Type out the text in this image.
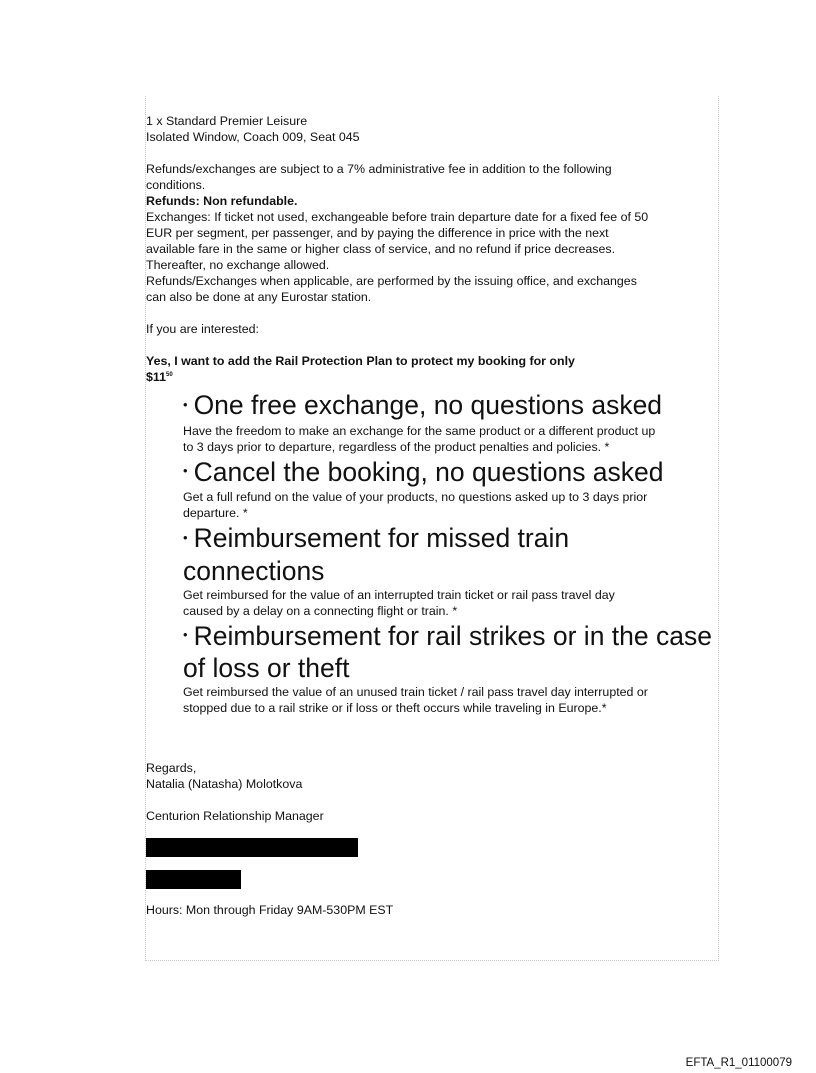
1 x Standard Premier Leisure
Isolated Window, Coach 009, Seat 045
Refunds/exchanges are subject to a 7% administrative fee in addition to the following
conditions.
Refunds: Non refundable.
Exchanges: If ticket not used, exchangeable before train departure date for a fixed fee of 50
EUR per segment, per passenger, and by paying the difference in price with the next
available fare in the same or higher class of service, and no refund if price decreases.
Thereafter, no exchange allowed.
Refunds/Exchanges when applicable, are performed by the issuing office, and exchanges
can also be done at any Eurostar station.
If you are interested:
Yes, I want to add the Rail Protection Plan to protect my booking for only
$\$11^{50}$
• One free exchange, no questions asked
Have the freedom to make an exchange for the same product or a different product up
to 3 days prior to departure, regardless of the product penalties and policies. *
• Cancel the booking, no questions asked
Get a full refund on the value of your products, no questions asked up to 3 days prior
departure. *
• Reimbursement for missed train
connections
Get reimbursed for the value of an interrupted train ticket or rail pass travel day
caused by a delay on a connecting flight or train. *
• Reimbursement for rail strikes or in the case
of loss or theft
Get reimbursed the value of an unused train ticket / rail pass travel day interrupted or
stopped due to a rail strike or if loss or theft occurs while traveling in Europe.*
Regards,
Natalia (Natasha) Molotkova
Centurion Relationship Manager
Hours: Mon through Friday 9AM-530PM EST
EFTA_R1_01100079
